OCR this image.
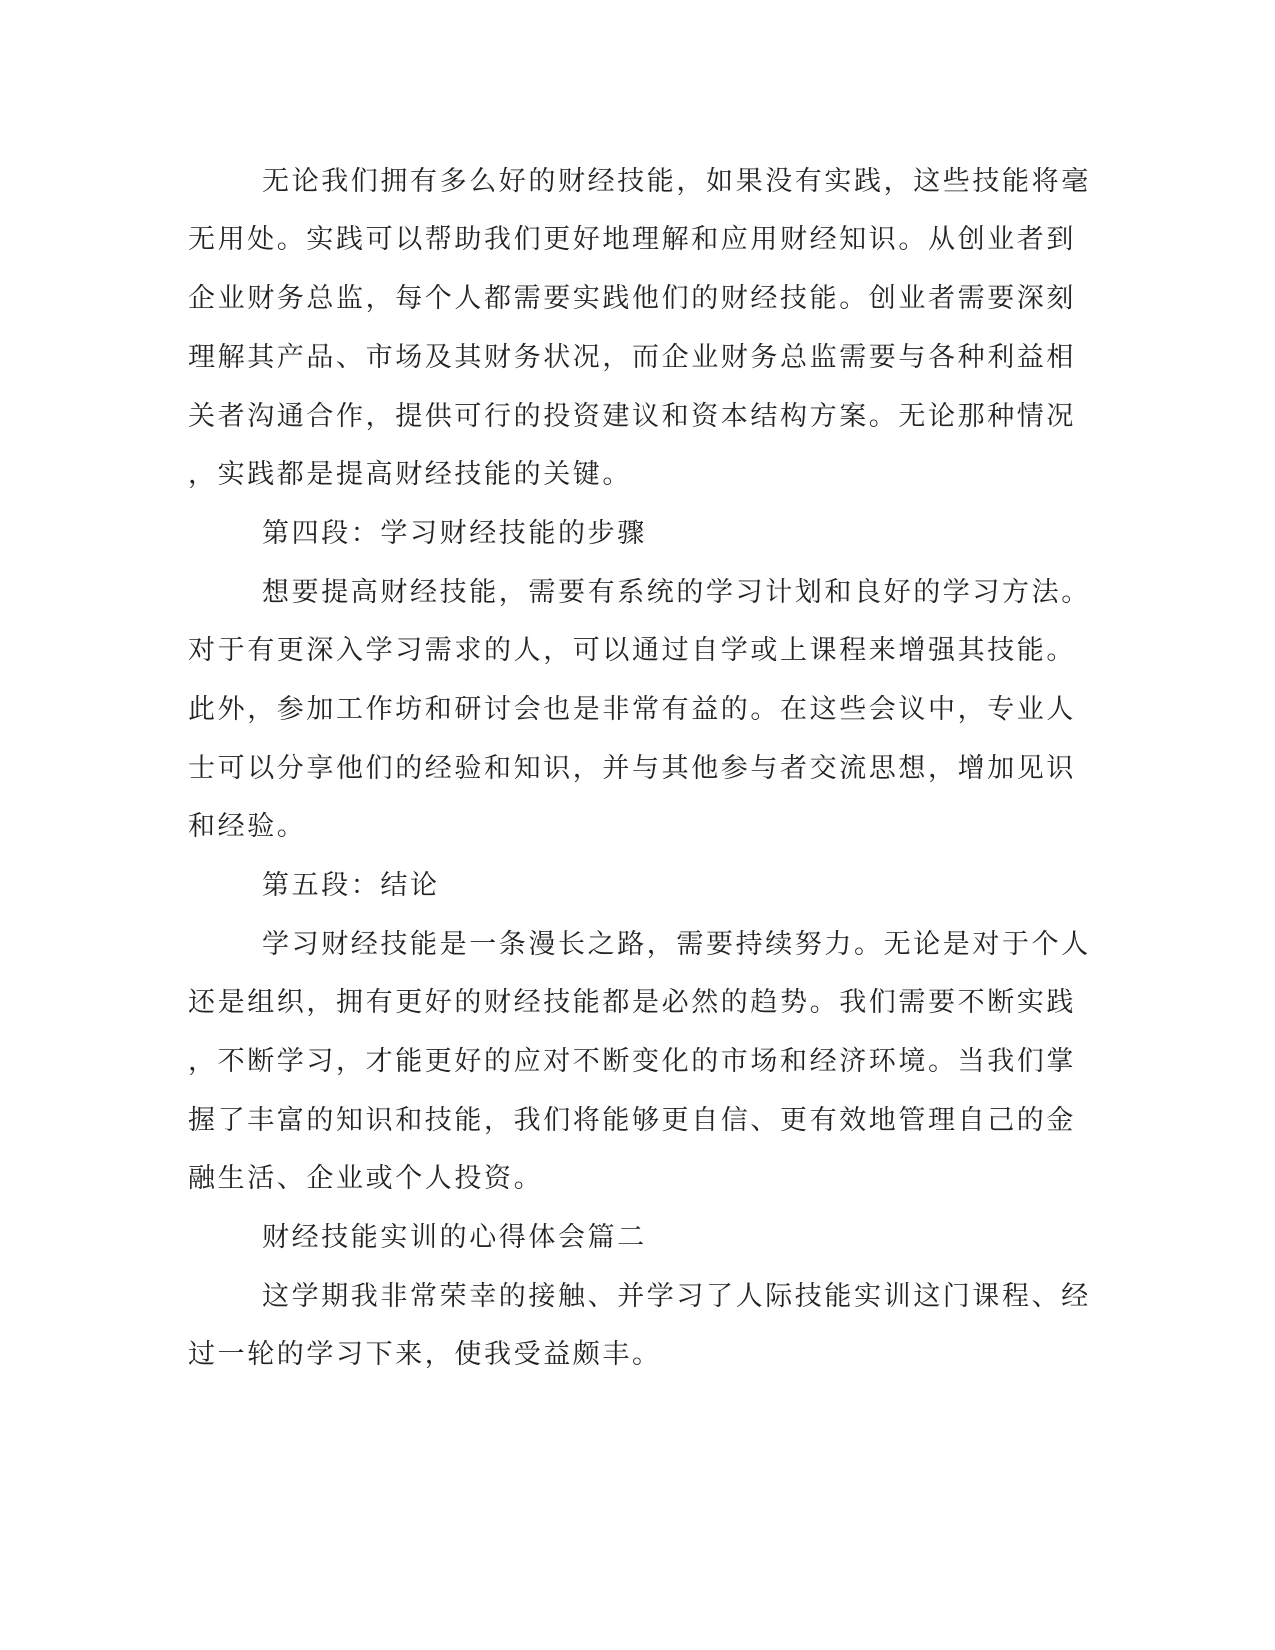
无论我们拥有多么好的财经技能，如果没有实践，这些技能将毫
无用处。实践可以帮助我们更好地理解和应用财经知识。从创业者到
企业财务总监，每个人都需要实践他们的财经技能。创业者需要深刻
理解其产品、市场及其财务状况，而企业财务总监需要与各种利益相
关者沟通合作，提供可行的投资建议和资本结构方案。无论那种情况
，实践都是提高财经技能的关键。
第四段：学习财经技能的步骤
想要提高财经技能，需要有系统的学习计划和良好的学习方法。
对于有更深入学习需求的人，可以通过自学或上课程来增强其技能。
此外，参加工作坊和研讨会也是非常有益的。在这些会议中，专业人
士可以分享他们的经验和知识，并与其他参与者交流思想，增加见识
和经验。
第五段：结论
学习财经技能是一条漫长之路，需要持续努力。无论是对于个人
还是组织，拥有更好的财经技能都是必然的趋势。我们需要不断实践
，不断学习，才能更好的应对不断变化的市场和经济环境。当我们掌
握了丰富的知识和技能，我们将能够更自信、更有效地管理自己的金
融生活、企业或个人投资。
财经技能实训的心得体会篇二
这学期我非常荣幸的接触、并学习了人际技能实训这门课程、经
过一轮的学习下来，使我受益颇丰。
